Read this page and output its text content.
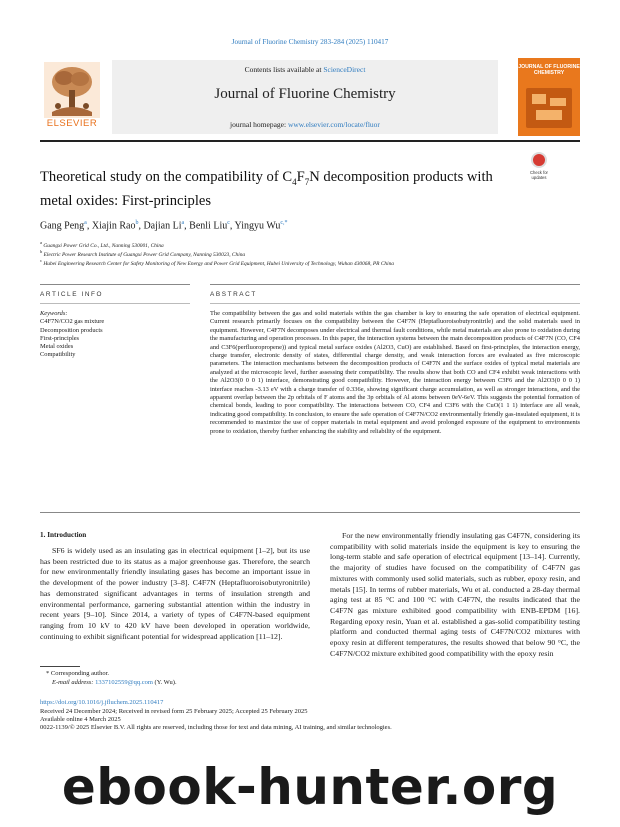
Journal of Fluorine Chemistry 283-284 (2025) 110417
ELSEVIER
Contents lists available at ScienceDirect
Journal of Fluorine Chemistry
journal homepage: www.elsevier.com/locate/fluor
JOURNAL OF FLUORINE CHEMISTRY
Theoretical study on the compatibility of $C_4F_7N$ decomposition products with metal oxides: First-principles
Check for updates
Gang Peng$^a$, Xiajin Rao$^b$, Dajian Li$^a$, Benli Liu$^c$, Yingyu $Wu^{c,*}$
$^a$ Guangxi Power Grid Co., Ltd., Nanning 530001, China
$^b$ Electric Power Research Institute of Guangxi Power Grid Company, Nanning 530023, China
$^c$ Hubei Engineering Research Center for Safety Monitoring of New Energy and Power Grid Equipment, Hubei University of Technology, Wuhan 430068, PR China
ARTICLE INFO	ABSTRACT
Keywords:
C4F7N/CO2 gas mixture
Decomposition products
First-principles
Metal oxides
Compatibility
The compatibility between the gas and solid materials within the gas chamber is key to ensuring the safe operation of electrical equipment. Current research primarily focuses on the compatibility between the C4F7N (Heptafluoroisobutyronitrile) and the solid materials used in equipment. However, C4F7N decomposes under electrical and thermal fault conditions, while metal materials are also prone to oxidation during the manufacturing and operation processes. In this paper, the interaction systems between the main decomposition products of C4F7N (CO, CF4 and C3F6(perfluoropropene)) and typical metal surface oxides (Al2O3, CuO) are established. Based on first-principles, the interaction energy, charge transfer, electronic density of states, differential charge density, and weak interaction forces are evaluated as five microscopic parameters. The interaction mechanisms between the decomposition products of C4F7N and the surface oxides of typical metal materials are analyzed at the microscopic level, further assessing their compatibility. The results show that both CO and CF4 exhibit weak interactions with the Al2O3(0 0 0 1) interface, demonstrating good compatibility. However, the interaction energy between C3F6 and the Al2O3(0 0 0 1) interface reaches -3.13 eV with a charge transfer of 0.336e, showing significant charge accumulation, as well as stronger interactions, and the apparent overlap between the 2p orbitals of F atoms and the 3p orbitals of Al atoms between 0eV-6eV. This suggests the potential formation of chemical bonds, leading to poor compatibility. The interactions between CO, CF4 and C3F6 with the CuO(1 1 1) interface are all weak, indicating good compatibility. In conclusion, to ensure the safe operation of C4F7N/CO2 environmentally friendly gas-insulated equipment, it is recommended to maximize the use of copper materials in metal equipment and avoid prolonged exposure of the equipment to environments prone to oxidation, thereby further enhancing the stability and reliability of the equipment.
1. Introduction

SF6 is widely used as an insulating gas in electrical equipment [1–2], but its use has been restricted due to its status as a major greenhouse gas. Therefore, the search for new environmentally friendly insulating gases has become an important issue in the development of the power industry [3–8]. C4F7N (Heptafluoroisobutyronitrile) has demonstrated significant advantages in terms of insulation strength and environmental performance, garnering substantial attention within the industry in recent years [9–10]. Since 2014, a variety of types of C4F7N-based equipment ranging from 10 kV to 420 kV have been developed in operation worldwide, continuing to exhibit significant potential for widespread application [11–12].

For the new environmentally friendly insulating gas C4F7N, considering its compatibility with solid materials inside the equipment is key to ensuring the long-term stable and safe operation of electrical equipment [13–14]. Currently, the majority of studies have focused on the compatibility of C4F7N gas mixtures with commonly used solid materials, such as rubber, epoxy resin, and metals [15]. In terms of rubber materials, Wu et al. conducted a 28-day thermal aging test at 85 °C and 100 °C with C4F7N, the results indicated that the C4F7N gas mixture exhibited good compatibility with ENB-EPDM [16]. Regarding epoxy resin, Yuan et al. established a gas-solid compatibility testing platform and conducted thermal aging tests of C4F7N/CO2 mixtures with epoxy resin at different temperatures, the results showed that below 90 °C, the C4F7N/CO2 mixture exhibited good compatibility with the epoxy resin

* Corresponding author.
E-mail address: 1337102559@qq.com (Y. Wu).
https://doi.org/10.1016/j.jfluchem.2025.110417
Received 24 December 2024; Received in revised form 25 February 2025; Accepted 25 February 2025
Available online 4 March 2025
0022-1139/© 2025 Elsevier B.V. All rights are reserved, including those for text and data mining, AI training, and similar technologies.
ebook-hunter.org
